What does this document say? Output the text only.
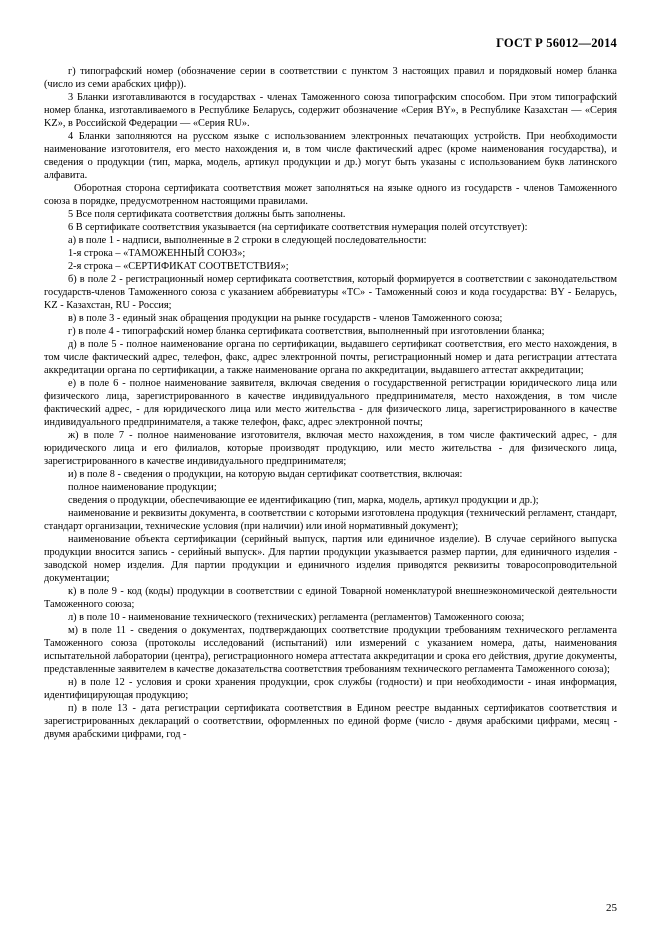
ГОСТ Р 56012—2014

г) типографский номер (обозначение серии в соответствии с пунктом 3 настоящих правил и порядковый номер бланка (число из семи арабских цифр)).

3 Бланки изготавливаются в государствах - членах Таможенного союза типографским способом. При этом типографский номер бланка, изготавливаемого в Республике Беларусь, содержит обозначение «Серия BY», в Республике Казахстан — «Серия KZ», в Российской Федерации — «Серия RU».

4 Бланки заполняются на русском языке с использованием электронных печатающих устройств. При необходимости наименование изготовителя, его место нахождения и, в том числе фактический адрес (кроме наименования государства), и сведения о продукции (тип, марка, модель, артикул продукции и др.) могут быть указаны с использованием букв латинского алфавита.

Оборотная сторона сертификата соответствия может заполняться на языке одного из государств - членов Таможенного союза в порядке, предусмотренном настоящими правилами.

5 Все поля сертификата соответствия должны быть заполнены.

6 В сертификате соответствия указывается (на сертификате соответствия нумерация полей отсутствует):

а) в поле 1 - надписи, выполненные в 2 строки в следующей последовательности:

1-я строка – «ТАМОЖЕННЫЙ СОЮЗ»;

2-я строка – «СЕРТИФИКАТ СООТВЕТСТВИЯ»;

б) в поле 2 - регистрационный номер сертификата соответствия, который формируется в соответствии с законодательством государств-членов Таможенного союза с указанием аббревиатуры «ТС» - Таможенный союз и кода государства: BY - Беларусь, KZ - Казахстан, RU - Россия;

в) в поле 3 - единый знак обращения продукции на рынке государств - членов Таможенного союза;

г) в поле 4 - типографский номер бланка сертификата соответствия, выполненный при изготовлении бланка;

д) в поле 5 - полное наименование органа по сертификации, выдавшего сертификат соответствия, его место нахождения, в том числе фактический адрес, телефон, факс, адрес электронной почты, регистрационный номер и дата регистрации аттестата аккредитации органа по сертификации, а также наименование органа по аккредитации, выдавшего аттестат аккредитации;

е) в поле 6 - полное наименование заявителя, включая сведения о государственной регистрации юридического лица или физического лица, зарегистрированного в качестве индивидуального предпринимателя, место нахождения, в том числе фактический адрес, - для юридического лица или место жительства - для физического лица, зарегистрированного в качестве индивидуального предпринимателя, а также телефон, факс, адрес электронной почты;

ж) в поле 7 - полное наименование изготовителя, включая место нахождения, в том числе фактический адрес, - для юридического лица и его филиалов, которые производят продукцию, или место жительства - для физического лица, зарегистрированного в качестве индивидуального предпринимателя;

и) в поле 8 - сведения о продукции, на которую выдан сертификат соответствия, включая:

полное наименование продукции;

сведения о продукции, обеспечивающие ее идентификацию (тип, марка, модель, артикул продукции и др.);

наименование и реквизиты документа, в соответствии с которыми изготовлена продукция (технический регламент, стандарт, стандарт организации, технические условия (при наличии) или иной нормативный документ);

наименование объекта сертификации (серийный выпуск, партия или единичное изделие). В случае серийного выпуска продукции вносится запись - серийный выпуск». Для партии продукции указывается размер партии, для единичного изделия - заводской номер изделия. Для партии продукции и единичного изделия приводятся реквизиты товаросопроводительной документации;

к) в поле 9 - код (коды) продукции в соответствии с единой Товарной номенклатурой внешнеэкономической деятельности Таможенного союза;

л) в поле 10 - наименование технического (технических) регламента (регламентов) Таможенного союза;

м) в поле 11 - сведения о документах, подтверждающих соответствие продукции требованиям технического регламента Таможенного союза (протоколы исследований (испытаний) или измерений с указанием номера, даты, наименования испытательной лаборатории (центра), регистрационного номера аттестата аккредитации и срока его действия, другие документы, представленные заявителем в качестве доказательства соответствия требованиям технического регламента Таможенного союза);

н) в поле 12 - условия и сроки хранения продукции, срок службы (годности) и при необходимости - иная информация, идентифицирующая продукцию;

п) в поле 13 - дата регистрации сертификата соответствия в Едином реестре выданных сертификатов соответствия и зарегистрированных деклараций о соответствии, оформленных по единой форме (число - двумя арабскими цифрами, месяц - двумя арабскими цифрами, год -

25
